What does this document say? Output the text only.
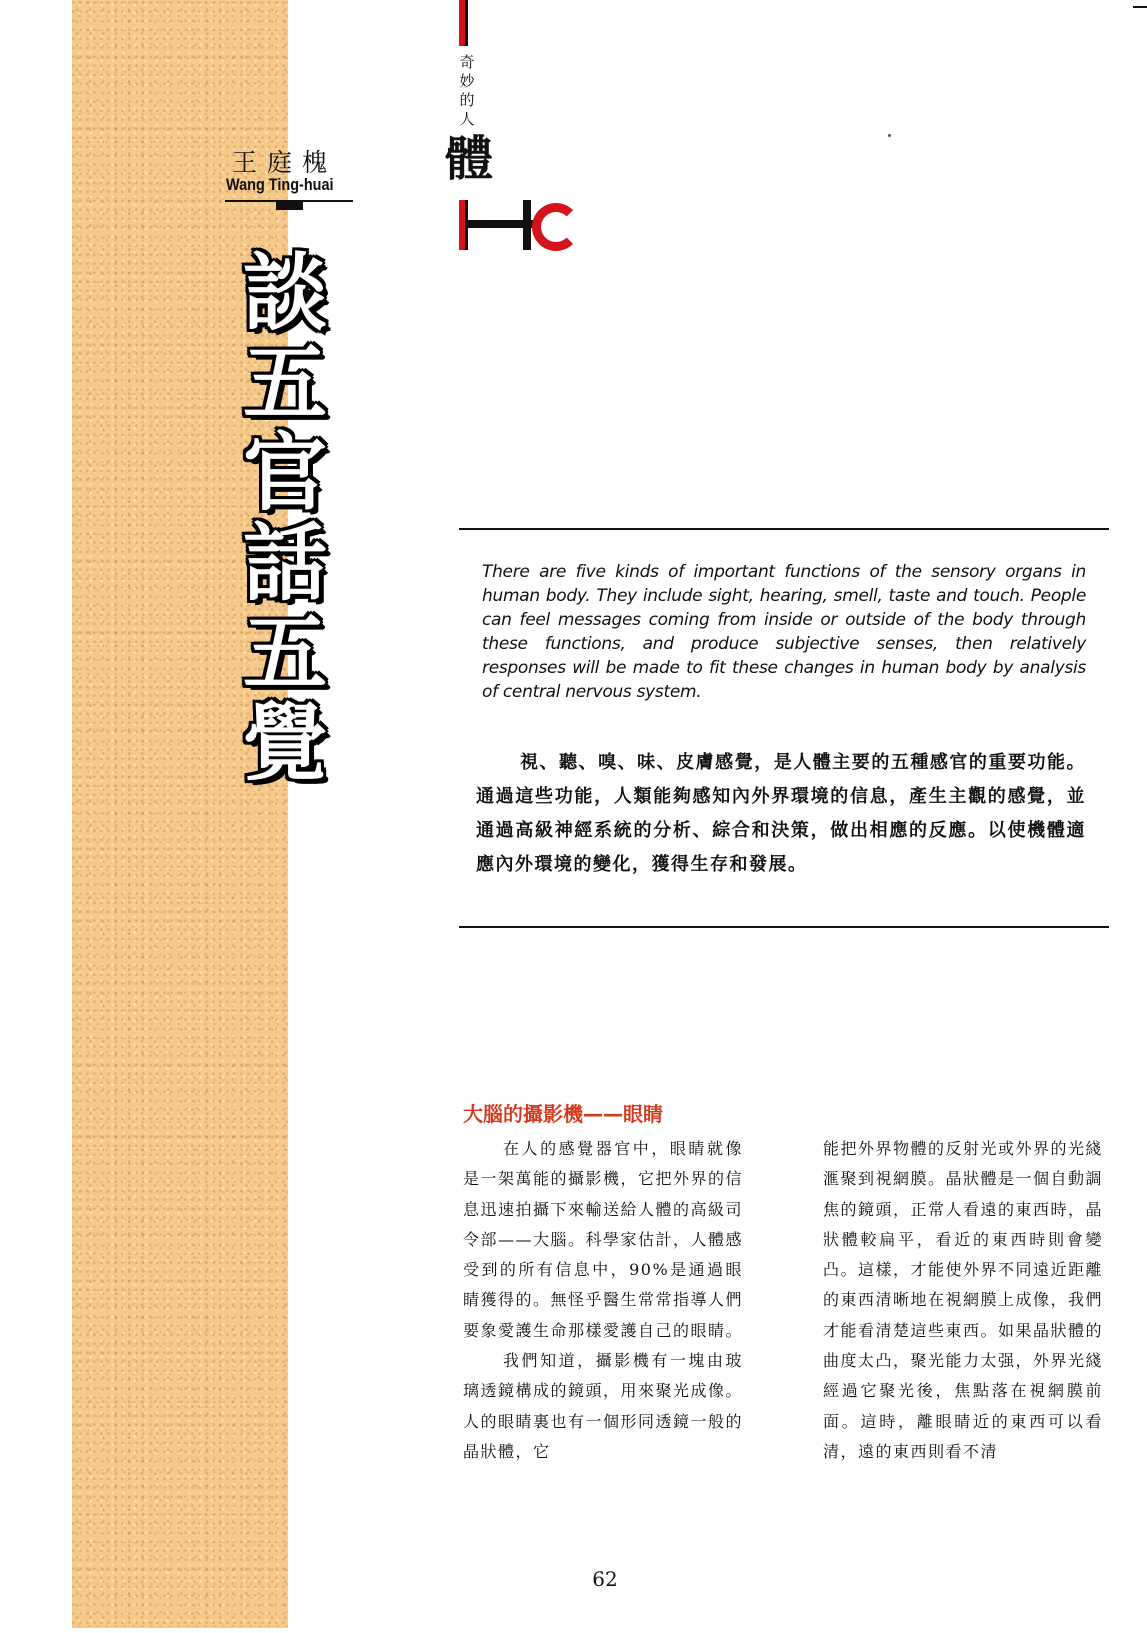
王庭槐
Wang Ting-huai
談
五
官
話
五
覺
奇
妙
的
人
體
There are five kinds of important functions of the sensory organs in human body. They include sight, hearing, smell, taste and touch. People can feel messages coming from inside or outside of the body through these functions, and produce subjective senses, then relatively responses will be made to fit these changes in human body by analysis of central nervous system.
視、聽、嗅、味、皮膚感覺，是人體主要的五種感官的重要功能。通過這些功能，人類能夠感知內外界環境的信息，產生主觀的感覺，並通過高級神經系統的分析、綜合和決策，做出相應的反應。以使機體適應內外環境的變化，獲得生存和發展。
大腦的攝影機——眼睛

在人的感覺器官中，眼睛就像是一架萬能的攝影機，它把外界的信息迅速拍攝下來輸送給人體的高級司令部——大腦。科學家估計，人體感受到的所有信息中，90%是通過眼睛獲得的。無怪乎醫生常常指導人們要象愛護生命那樣愛護自己的眼睛。

我們知道，攝影機有一塊由玻璃透鏡構成的鏡頭，用來聚光成像。人的眼睛裏也有一個形同透鏡一般的晶狀體，它

能把外界物體的反射光或外界的光綫滙聚到視網膜。晶狀體是一個自動調焦的鏡頭，正常人看遠的東西時，晶狀體較扁平，看近的東西時則會變凸。這樣，才能使外界不同遠近距離的東西清晰地在視網膜上成像，我們才能看清楚這些東西。如果晶狀體的曲度太凸，聚光能力太强，外界光綫經過它聚光後，焦點落在視網膜前面。這時，離眼睛近的東西可以看清，遠的東西則看不清

62
